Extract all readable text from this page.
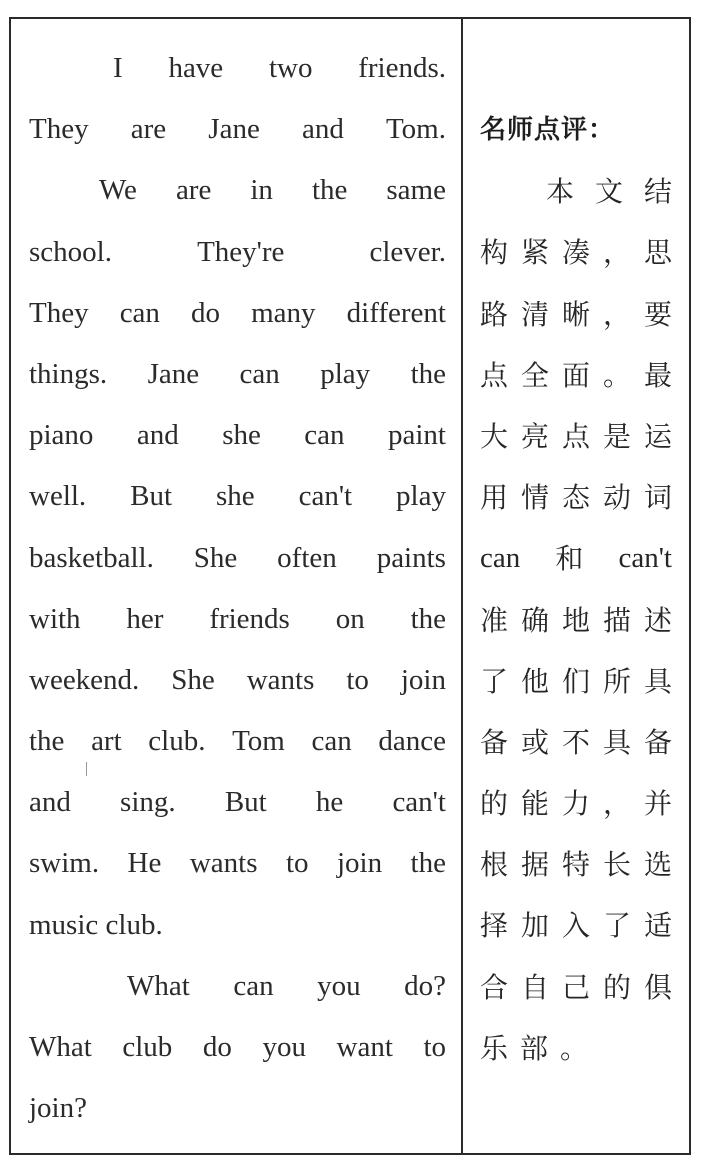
I have two friends.
They are Jane and Tom.
We are in the same
school.	They're	clever.
They can do many different
things. Jane can play the
piano and she can paint
well. But she can't play
basketball. She often paints
with her friends on the
weekend. She wants to join
the art club. Tom can dance
and sing. But he can't
swim. He wants to join the
music
club.
What can you do?
What club do you want to
join?
名师点评：
本 文 结
构 紧 凑 ， 思
路 清 晰 ， 要
点 全 面 。 最
大 亮 点 是 运
用 情 态 动 词
can 和 can't
准 确 地 描 述
了 他 们 所 具
备 或 不 具 备
的 能 力 ， 并
根 据 特 长 选
择 加 入 了 适
合 自 己 的 俱
乐 部 。
